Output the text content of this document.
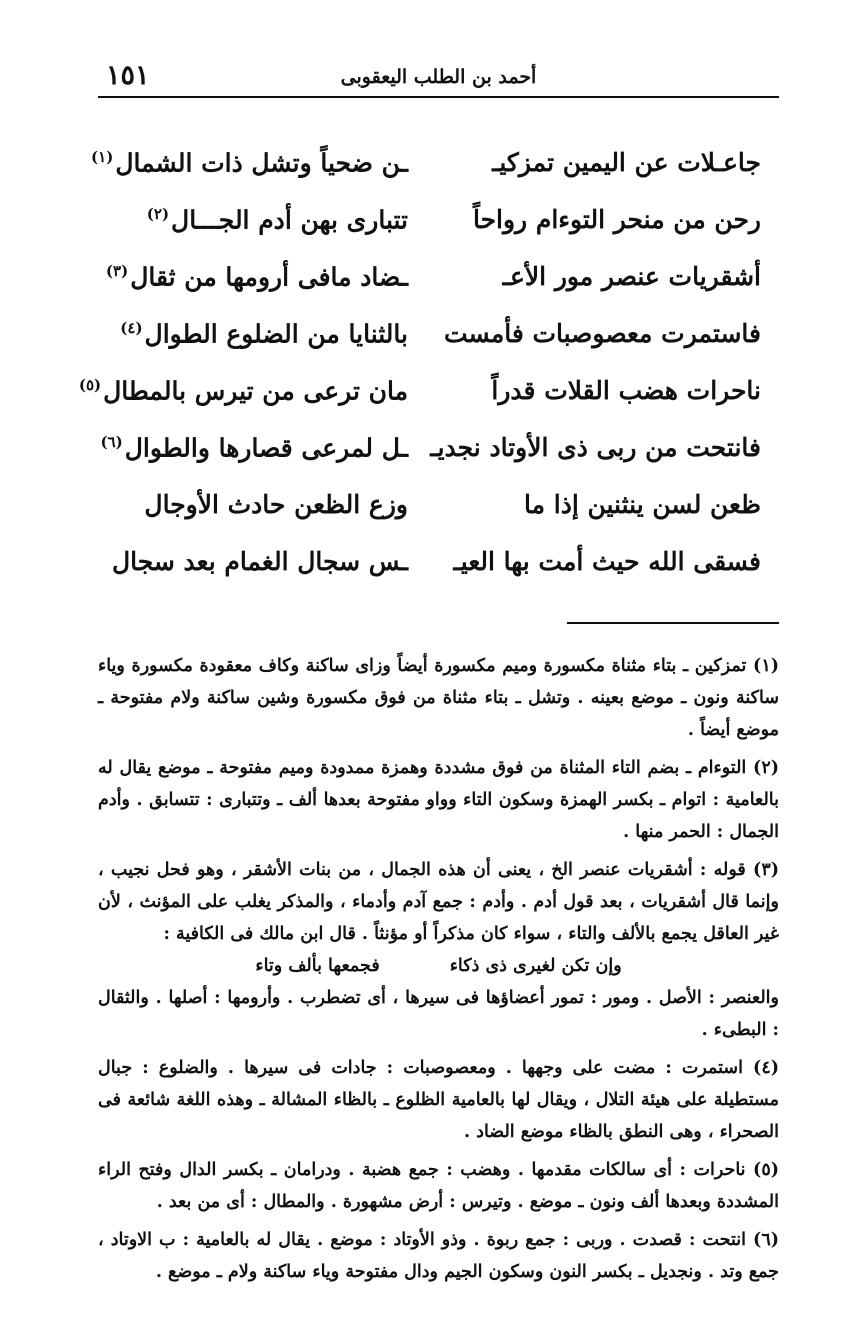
أحمد بن الطلب اليعقوبى
١٥١
جاعـلات عن اليمين تمزكيـ
ـن ضحياً وتشل ذات الشمال$^{(١)}$
رحن من منحر التوءام رواحاً
تتبارى بهن أدم الجـــال$^{(٢)}$
أشقريات عنصر مور الأعـ
ـضاد مافى أرومها من ثقال$^{(٣)}$
فاستمرت معصوصبات فأمست
بالثنايا من الضلوع الطوال$^{(٤)}$
ناحرات هضب القلات قدراً
مان ترعى من تيرس بالمطال$^{(٥)}$
فانتحت من ربى ذى الأوتاد نجديـ
ـل لمرعى قصارها والطوال$^{(٦)}$
ظعن لسن ينثنين إذا ما
وزع الظعن حادث الأوجال
فسقى الله حيث أمت بها العيـ
ـس سجال الغمام بعد سجال

(١) تمزكين ـ بتاء مثناة مكسورة وميم مكسورة أيضاً وزاى ساكنة وكاف معقودة مكسورة وياء ساكنة ونون ـ موضع بعينه . وتشل ـ بتاء مثناة من فوق مكسورة وشين ساكنة ولام مفتوحة ـ موضع أيضاً .

(٢) التوءام ـ بضم التاء المثناة من فوق مشددة وهمزة ممدودة وميم مفتوحة ـ موضع يقال له بالعامية : اتوام ـ بكسر الهمزة وسكون التاء وواو مفتوحة بعدها ألف ـ وتتبارى : تتسابق . وأدم الجمال : الحمر منها .

(٣) قوله : أشقريات عنصر الخ ، يعنى أن هذه الجمال ، من بنات الأشقر ، وهو فحل نجيب ، وإنما قال أشقريات ، بعد قول أدم . وأدم : جمع آدم وأدماء ، والمذكر يغلب على المؤنث ، لأن غير العاقل يجمع بالألف والتاء ، سواء كان مذكراً أو مؤنثاً . قال ابن مالك فى الكافية :

وإن تكن لغيرى ذى ذكاء
فجمعها بألف وتاء

والعنصر : الأصل . ومور : تمور أعضاؤها فى سيرها ، أى تضطرب . وأرومها : أصلها . والثقال : البطىء .

(٤) استمرت : مضت على وجهها . ومعصوصبات : جادات فى سيرها . والضلوع : جبال مستطيلة على هيئة التلال ، ويقال لها بالعامية الظلوع ـ بالظاء المشالة ـ وهذه اللغة شائعة فى الصحراء ، وهى النطق بالظاء موضع الضاد .

(٥) ناحرات : أى سالكات مقدمها . وهضب : جمع هضبة . ودرامان ـ بكسر الدال وفتح الراء المشددة وبعدها ألف ونون ـ موضع . وتيرس : أرض مشهورة . والمطال : أى من بعد .

(٦) انتحت : قصدت . وربى : جمع ربوة . وذو الأوتاد : موضع . يقال له بالعامية : ب الاوتاد ، جمع وتد . ونجديل ـ بكسر النون وسكون الجيم ودال مفتوحة وياء ساكنة ولام ـ موضع .
